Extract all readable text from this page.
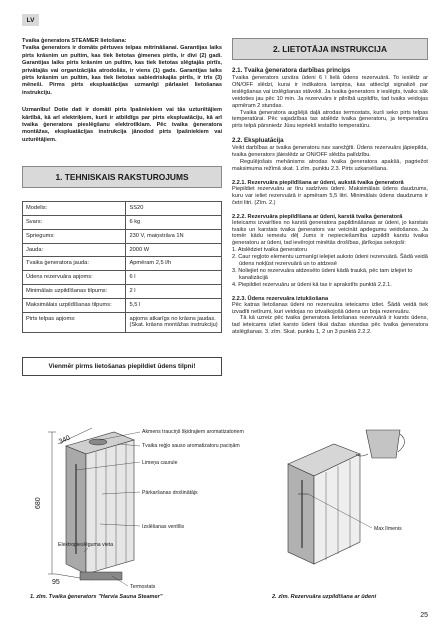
LV

Tvaika ģeneratora STEAMER lietošana:
Tvaika ģenerators ir domāts pērtuves telpas mitrināšanai. Garantijas laiks pirts krāsnim un pultim, kas tiek lietotas ģimenes pirtīs, ir divi (2) gadi. Garantijas laiks pirts krāsnim un pultim, kas tiek lietotas slēgtajās pirtīs, privātajās vai organizācijās atrodošās, ir viens (1) gads. Garantijas laiks pirts krāsnim un pultim, kas tiek lietotas sabiedriskajās pirtīs, ir trīs (3) mēneši. Pirms pirts ekspluatācijas uzmanīgi pārlasiet lietošanas instrukciju.

Uzmanību! Dotie dati ir domāti pirts īpašniekiem vai tās uzturētājiem kārtībā, kā arī elektriķiem, kurš ir atbildīgs par pirts ekspluatāciju, kā arī tvaika ģeneratora pieslēgšanu elektrotīklam. Pēc tvaika ģeneratora montāžas, ekspluatācijas instrukcija jānodod pirts īpašniekiem vai uzturētājiem.

1. TEHNISKAIS RAKSTUROJUMS
Modelis:	SS20
Svars:	6 kg
Spriegums:	230 V, maiņstrāva 1N
Jauda:	2000 W
Tvaika ģeneratora jauda:	Apmēram 2,5 l/h
Ūdens rezervuāra apjoms:	6 l
Minimālais uzpildīšanas tilpums:	2 l
Maksimālais uzpildīšanas tilpums:	5,5 l
Pirts telpas apjoms:	apjoms atkarīgs no krāsns jaudas. (Skat. krāsns montāžas instrukciju)
Vienmēr pirms lietošanas piepildiet ūdens tilpni!
2. LIETOTĀJA INSTRUKCIJA
2.1. Tvaika ģeneratora darbības princips
Tvaika ģenerators uzvāra ūdeni 6 l lielā ūdens rezervuārā. To ieslēdz ar ON/OFF slēdzi, kurai ir indikatora lampiņa, kas attiecīgi signalizē par ieslēgšanas vai izslēgšanas stāvokli. Ja tvaika ģenerators ir ieslēgts, tvaiks sāk veidoties jau pēc 10 min. Ja rezervuārs ir pilnībā uzpildīts, tad tvaiks veidojas apmēram 2 stundas.
Tvaika ģeneratora augšējā daļā atrodas termostats, kurš seko pirts telpas temperatūrai. Pēc vajadzības tas atslēdz tvaika ģeneratoru, ja temperatūra pirts telpā pārsniedz Jūsu iepriekš iestatīto temperatūru.
2.2. Ekspluatācija
Veikt darbības ar tvaika ģeneratoru nav sarežģīti. Ūdens rezervuārs jāpiepilda, tvaika ģenerators jāieslēdz ar ON/OFF slēdža palīdzību.
Regulējošais mehānisms atrodas tvaika ģeneratora apakšā, pagriežot maksimuma režīmā skat. 1 zīm. punktu 2.3. Pirts uzkarsēšana.
2.2.1. Rezervuāra piepildīšana ar ūdeni, aukstā tvaika ģeneratorā
Piepildiet rezervuāru ar tīru sadzīves ūdeni. Maksimālais ūdens daudzums, kuru var ieliet rezervuārā ir apmēram 5,5 litri. Minimālais ūdens daudzums ir četri litri. (Zīm. 2.)
2.2.2. Rezervuāra piepildīšana ar ūdeni, karstā tvaika ģeneratorā
Ieteicams izvairīties no karstā ģeneratora papildināšanas ar ūdeni, jo karstais tvaiks un karstais tvaika ģenerators var veicināt apdegumu veidošanos. Ja tomēr kādu iemeslu dēļ Jums ir nepieciešamība uzpildīt karstu tvaika ģeneratoru ar ūdeni, tad ievērojot minētās drošības, jārīkojas sekojoši:
1. Atslēdziet tvaika ģeneratoru
2. Caur regļoto elementu uzmanīgi ielejiet auksto ūdeni rezervuārā. Šādā veidā ūdens nokļūst rezervuārā un to atdzesē
3. Noliejiet no rezervuāra atdzesēto ūdeni kādā traukā, pēc tam izlejiet to kanalizācijā
4. Piepildiet rezervuāru ar ūdeni kā tas ir aprakstīts punktā 2.2.1.
2.2.3. Ūdens rezervuāra iztukšošana
Pēc katras lietošanas ūdeni no rezervuāra ieteicams izliet. Šādā veidā tiek izvadīti netīrumi, kuri veidojas no iztvaikojošā ūdens un boja rezervuāru.
Tā kā uzreiz pēc tvaika ģeneratora lietošanas rezervuārā ir karsts ūdens, tad ieteicams izliet karsto ūdeni tikai dažas stundas pēc tvaika ģeneratora atslēgšanas. 3. zīm. Skat. punktu 1, 2 un 3 punktā 2.2.2.
680
340
95
Akmens trauciņš šķidrajiem aromatizatoriem
Tvaika reģļo sauso aromatizatoru paciņām
Limeņa caurule
Pārkaršanas drošinātājs
Izslēšanas ventīlis
Elektropieslēguma vieta
Termostats
Max līmenis
1. zīm. Tvaika ģenerators "Harvia Sauna Steamer"	2. zīm. Rezervuāra uzpildīšana ar ūdeni
25
